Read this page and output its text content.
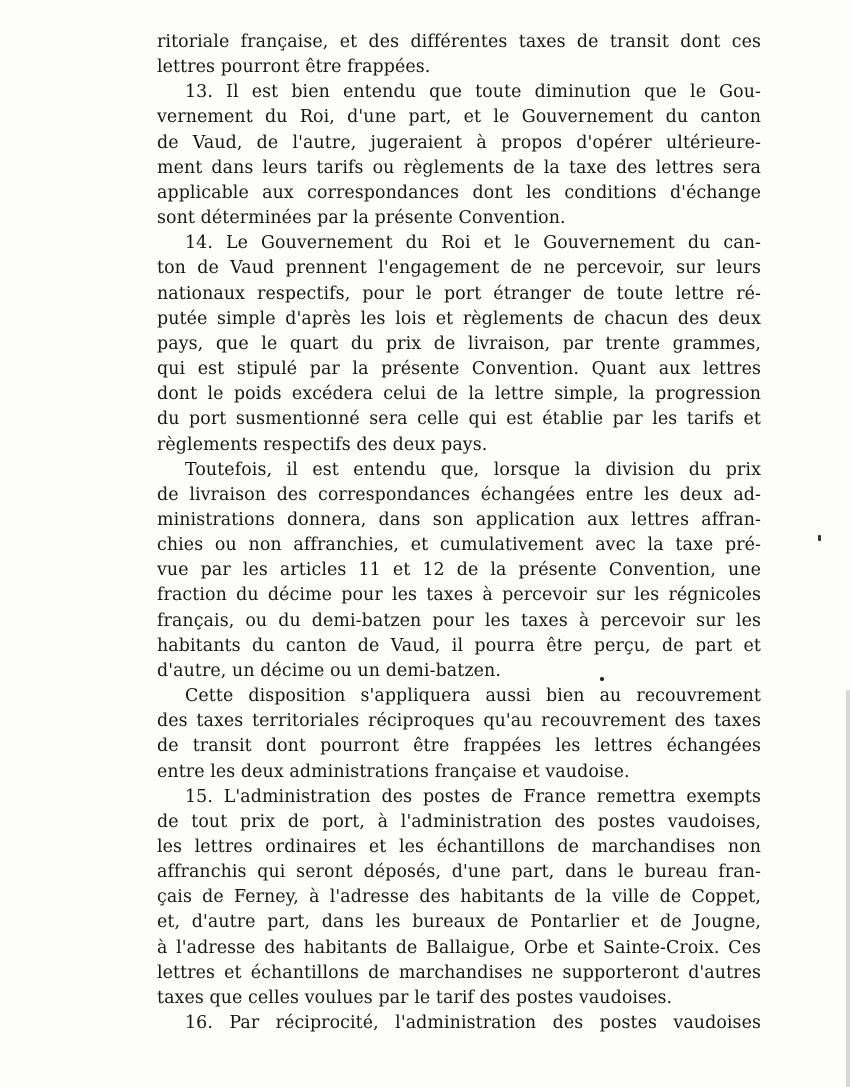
ritoriale française, et des différentes taxes de transit dont ces
lettres pourront être frappées.

13. Il est bien entendu que toute diminution que le Gou-
vernement du Roi, d'une part, et le Gouvernement du canton
de Vaud, de l'autre, jugeraient à propos d'opérer ultérieure-
ment dans leurs tarifs ou règlements de la taxe des lettres sera
applicable aux correspondances dont les conditions d'échange
sont déterminées par la présente Convention.

14. Le Gouvernement du Roi et le Gouvernement du can-
ton de Vaud prennent l'engagement de ne percevoir, sur leurs
nationaux respectifs, pour le port étranger de toute lettre ré-
putée simple d'après les lois et règlements de chacun des deux
pays, que le quart du prix de livraison, par trente grammes,
qui est stipulé par la présente Convention. Quant aux lettres
dont le poids excédera celui de la lettre simple, la progression
du port susmentionné sera celle qui est établie par les tarifs et
règlements respectifs des deux pays.

Toutefois, il est entendu que, lorsque la division du prix
de livraison des correspondances échangées entre les deux ad-
ministrations donnera, dans son application aux lettres affran-
chies ou non affranchies, et cumulativement avec la taxe pré-
vue par les articles 11 et 12 de la présente Convention, une
fraction du décime pour les taxes à percevoir sur les régnicoles
français, ou du demi-batzen pour les taxes à percevoir sur les
habitants du canton de Vaud, il pourra être perçu, de part et
d'autre, un décime ou un demi-batzen.

Cette disposition s'appliquera aussi bien au recouvrement
des taxes territoriales réciproques qu'au recouvrement des taxes
de transit dont pourront être frappées les lettres échangées
entre les deux administrations française et vaudoise.

15. L'administration des postes de France remettra exempts
de tout prix de port, à l'administration des postes vaudoises,
les lettres ordinaires et les échantillons de marchandises non
affranchis qui seront déposés, d'une part, dans le bureau fran-
çais de Ferney, à l'adresse des habitants de la ville de Coppet,
et, d'autre part, dans les bureaux de Pontarlier et de Jougne,
à l'adresse des habitants de Ballaigue, Orbe et Sainte-Croix. Ces
lettres et échantillons de marchandises ne supporteront d'autres
taxes que celles voulues par le tarif des postes vaudoises.

16. Par réciprocité, l'administration des postes vaudoises
